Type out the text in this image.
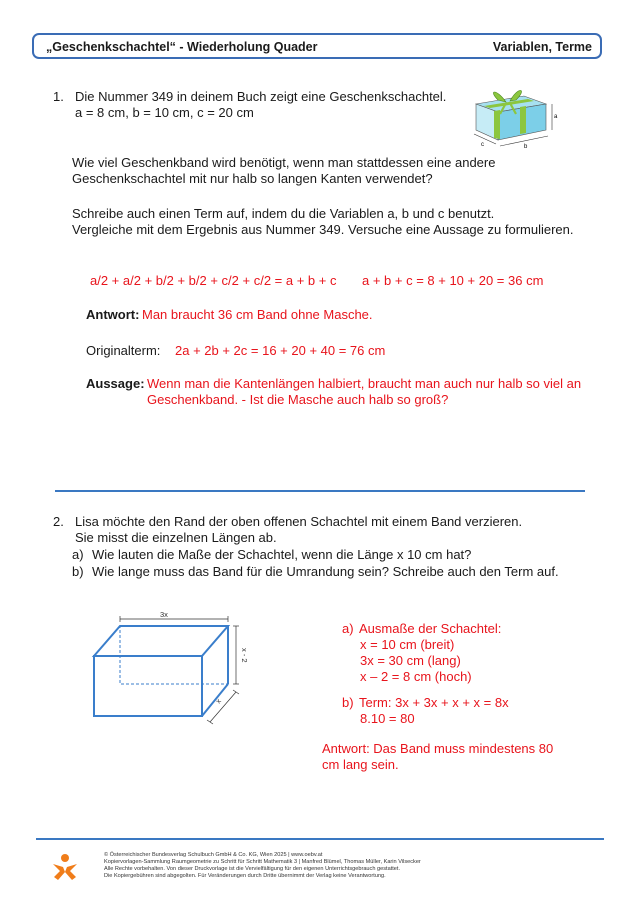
„Geschenkschachtel“ - Wiederholung Quader	Variablen, Terme
1. Die Nummer 349 in deinem Buch zeigt eine Geschenkschachtel.
a = 8 cm, b = 10 cm, c = 20 cm	a
b
c
Wie viel Geschenkband wird benötigt, wenn man stattdessen eine andere
Geschenkschachtel mit nur halb so langen Kanten verwendet?
Schreibe auch einen Term auf, indem du die Variablen a, b und c benutzt.
Vergleiche mit dem Ergebnis aus Nummer 349. Versuche eine Aussage zu formulieren.
a/2 + a/2 + b/2 + b/2 + c/2 + c/2 = a + b + c a + b + c = 8 + 10 + 20 = 36 cm
Antwort: Man braucht 36 cm Band ohne Masche.
Originalterm: 2a + 2b + 2c = 16 + 20 + 40 = 76 cm
Aussage: Wenn man die Kantenlängen halbiert, braucht man auch nur halb so viel an
Geschenkband. - Ist die Masche auch halb so groß?
2. Lisa möchte den Rand der oben offenen Schachtel mit einem Band verzieren.
Sie misst die einzelnen Längen ab.
a) Wie lauten die Maße der Schachtel, wenn die Länge x 10 cm hat?
b) Wie lange muss das Band für die Umrandung sein? Schreibe auch den Term auf.
3x
x - 2
x
a) Ausmaße der Schachtel:
x = 10 cm (breit)
3x = 30 cm (lang)
x – 2 = 8 cm (hoch)
b) Term: 3x + 3x + x + x = 8x
8.10 = 80
Antwort: Das Band muss mindestens 80
cm lang sein.
© Österreichischer Bundesverlag Schulbuch GmbH & Co. KG, Wien 2025 | www.oebv.at
Kopiervorlagen-Sammlung Raumgeometrie zu Schritt für Schritt Mathematik 3 | Manfred Blümel, Thomas Müller, Karin Vilsecker
Alle Rechte vorbehalten. Von dieser Druckvorlage ist die Vervielfältigung für den eigenen Unterrichtsgebrauch gestattet.
Die Kopiergebühren sind abgegolten. Für Veränderungen durch Dritte übernimmt der Verlag keine Verantwortung.
